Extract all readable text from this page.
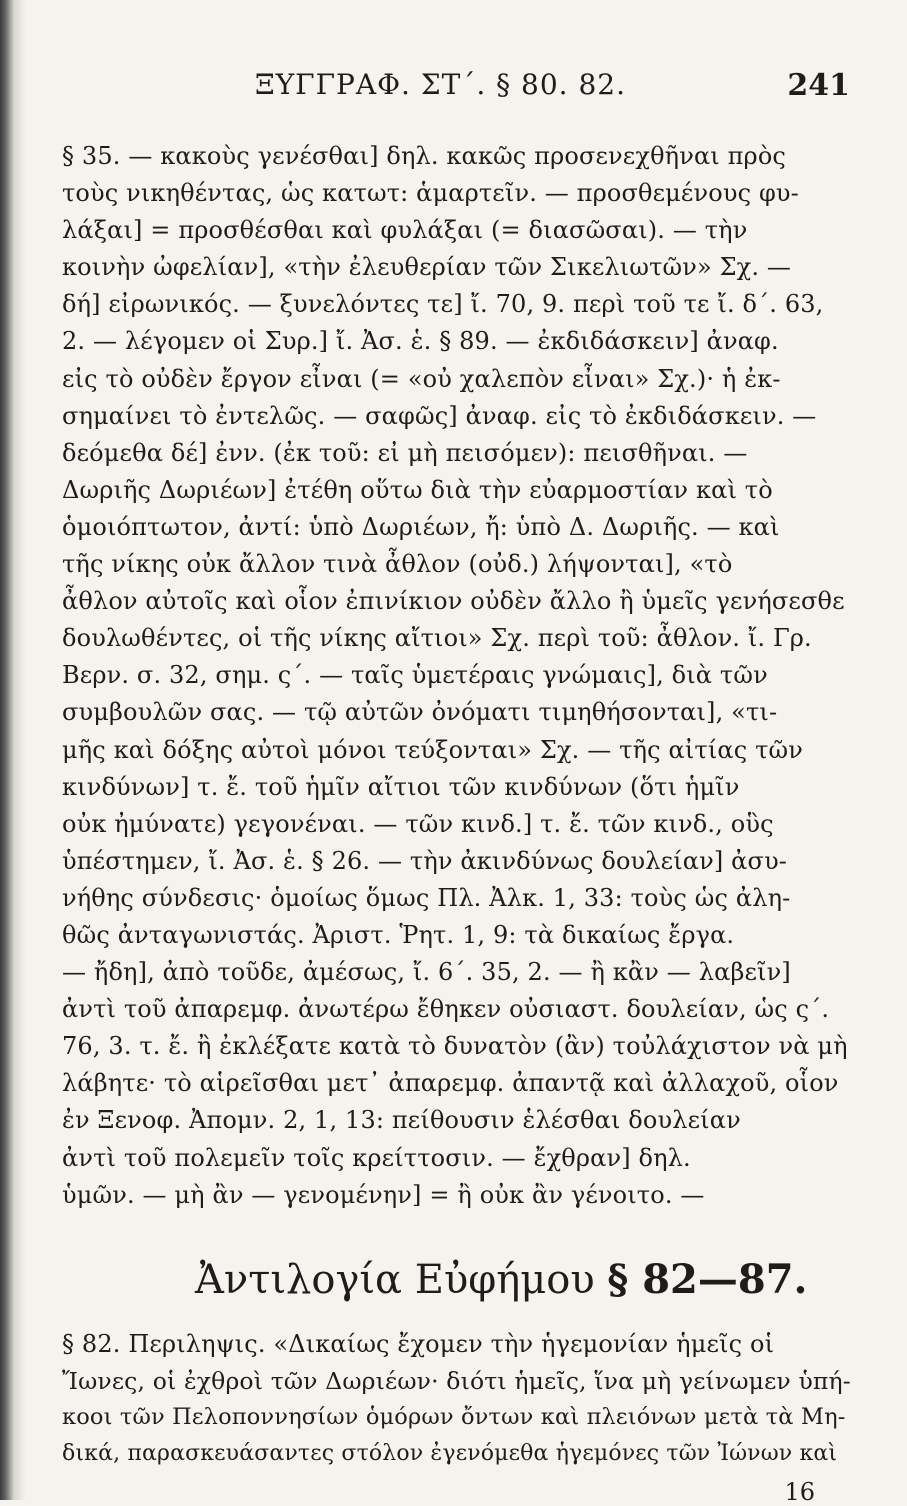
ΞΥΓΓΡΑΦ. ΣΤ΄. § 80. 82.	241
§ 35. — κακοὺς γενέσθαι] δηλ. κακῶς προσενεχθῆναι πρὸς
τοὺς νικηθέντας, ὡς κατωτ: ἁμαρτεῖν. — προσθεμένους φυ-
λάξαι] = προσθέσθαι καὶ φυλάξαι (= διασῶσαι). — τὴν
κοινὴν ὠφελίαν], «τὴν ἐλευθερίαν τῶν Σικελιωτῶν» Σχ. —
δή] εἰρωνικός. — ξυνελόντες τε] ἴ. 70, 9. περὶ τοῦ τε ἴ. δ΄. 63,
2. — λέγομεν οἱ Συρ.] ἴ. Ἀσ. ἑ. § 89. — ἐκδιδάσκειν] ἀναφ.
εἰς τὸ οὐδὲν ἔργον εἶναι (= «οὐ χαλεπὸν εἶναι» Σχ.)· ἡ ἐκ-
σημαίνει τὸ ἐντελῶς. — σαφῶς] ἀναφ. εἰς τὸ ἐκδιδάσκειν. —
δεόμεθα δέ] ἐνν. (ἐκ τοῦ: εἰ μὴ πεισόμεν): πεισθῆναι. —
Δωριῆς Δωριέων] ἐτέθη οὕτω διὰ τὴν εὐαρμοστίαν καὶ τὸ
ὁμοιόπτωτον, ἀντί: ὑπὸ Δωριέων, ἤ: ὑπὸ Δ. Δωριῆς. — καὶ
τῆς νίκης οὐκ ἄλλον τινὰ ἆθλον (οὐδ.) λήψονται], «τὸ
ἆθλον αὐτοῖς καὶ οἷον ἐπινίκιον οὐδὲν ἄλλο ἢ ὑμεῖς γενήσεσθε
δουλωθέντες, οἱ τῆς νίκης αἴτιοι» Σχ. περὶ τοῦ: ἆθλον. ἴ. Γρ.
Βερν. σ. 32, σημ. ς΄. — ταῖς ὑμετέραις γνώμαις], διὰ τῶν
συμβουλῶν σας. — τῷ αὐτῶν ὀνόματι τιμηθήσονται], «τι-
μῆς καὶ δόξης αὐτοὶ μόνοι τεύξονται» Σχ. — τῆς αἰτίας τῶν
κινδύνων] τ. ἔ. τοῦ ἡμῖν αἴτιοι τῶν κινδύνων (ὅτι ἡμῖν
οὐκ ἠμύνατε) γεγονέναι. — τῶν κινδ.] τ. ἔ. τῶν κινδ., οὓς
ὑπέστημεν, ἴ. Ἀσ. ἑ. § 26. — τὴν ἀκινδύνως δουλείαν] ἀσυ-
νήθης σύνδεσις· ὁμοίως ὅμως Πλ. Ἀλκ. 1, 33: τοὺς ὡς ἀλη-
θῶς ἀνταγωνιστάς. Ἀριστ. Ῥητ. 1, 9: τὰ δικαίως ἔργα.
— ἤδη], ἀπὸ τοῦδε, ἀμέσως, ἴ. 6΄. 35, 2. — ἢ κἂν — λαβεῖν]
ἀντὶ τοῦ ἀπαρεμφ. ἀνωτέρω ἔθηκεν οὐσιαστ. δουλείαν, ὡς ς΄.
76, 3. τ. ἔ. ἢ ἐκλέξατε κατὰ τὸ δυνατὸν (ἂν) τοὐλάχιστον νὰ μὴ
λάβητε· τὸ αἱρεῖσθαι μετ᾽ ἀπαρεμφ. ἀπαντᾷ καὶ ἀλλαχοῦ, οἷον
ἐν Ξενοφ. Ἀπομν. 2, 1, 13: πείθουσιν ἑλέσθαι δουλείαν
ἀντὶ τοῦ πολεμεῖν τοῖς κρείττοσιν. — ἔχθραν] δηλ.
ὑμῶν. — μὴ ἂν — γενομένην] = ἢ οὐκ ἂν γένοιτο. —
Ἀντιλογία Εὐφήμου § 82—87.
§ 82. Περιληψις. «Δικαίως ἔχομεν τὴν ἡγεμονίαν ἡμεῖς οἱ
Ἴωνες, οἱ ἐχθροὶ τῶν Δωριέων· διότι ἡμεῖς, ἵνα μὴ γείνωμεν ὑπή-
κοοι τῶν Πελοποννησίων ὁμόρων ὄντων καὶ πλειόνων μετὰ τὰ Μη-
δικά, παρασκευάσαντες στόλον ἐγενόμεθα ἡγεμόνες τῶν Ἰώνων καὶ
16
